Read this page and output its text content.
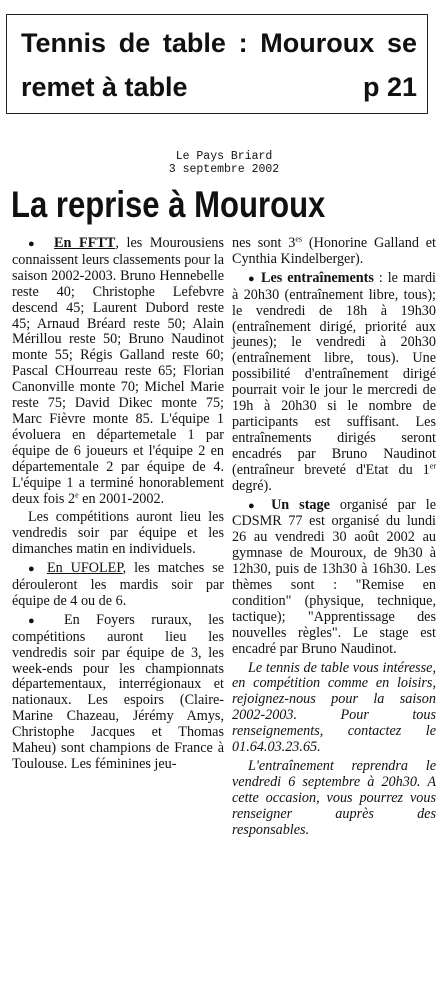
Tennis de table : Mouroux se
remet à table	p 21
Le Pays Briard
3 septembre 2002
La reprise à Mouroux

● En FFTT, les Mourousiens connaissent leurs classements pour la saison 2002-2003. Bruno Hennebelle reste 40; Christophe Lefebvre descend 45; Laurent Dubord reste 45; Arnaud Bréard reste 50; Alain Mérillou reste 50; Bruno Naudinot monte 55; Régis Galland reste 60; Pascal CHourreau reste 65; Florian Canonville monte 70; Michel Marie reste 75; David Dikec monte 75; Marc Fièvre monte 85. L'équipe 1 évoluera en départemetale 1 par équipe de 6 joueurs et l'équipe 2 en départementale 2 par équipe de 4. L'équipe 1 a terminé honorablement deux fois 2e en 2001-2002.

Les compétitions auront lieu les vendredis soir par équipe et les dimanches matin en individuels.

● En UFOLEP, les matches se dérouleront les mardis soir par équipe de 4 ou de 6.

● En Foyers ruraux, les compétitions auront lieu les vendredis soir par équipe de 3, les week-ends pour les championnats départementaux, interrégionaux et nationaux. Les espoirs (Claire-Marine Chazeau, Jérémy Amys, Christophe Jacques et Thomas Maheu) sont champions de France à Toulouse. Les féminines jeu-

nes sont $3^{es}$ (Honorine Galland et Cynthia Kindelberger).

● Les entraînements : le mardi à 20h30 (entraînement libre, tous); le vendredi de 18h à 19h30 (entraînement dirigé, priorité aux jeunes); le vendredi à 20h30 (entraînement libre, tous). Une possibilité d'entraînement dirigé pourrait voir le jour le mercredi de 19h à 20h30 si le nombre de participants est suffisant. Les entraînements dirigés seront encadrés par Bruno Naudinot (entraîneur breveté d'Etat du 1er degré).

● Un stage organisé par le CDSMR 77 est organisé du lundi 26 au vendredi 30 août 2002 au gymnase de Mouroux, de 9h30 à 12h30, puis de 13h30 à 16h30. Les thèmes sont : "Remise en condition" (physique, technique, tactique); "Apprentissage des nouvelles règles". Le stage est encadré par Bruno Naudinot.

Le tennis de table vous intéresse, en compétition comme en loisirs, rejoignez-nous pour la saison 2002-2003. Pour tous renseignements, contactez le 01.64.03.23.65.

L'entraînement reprendra le vendredi 6 septembre à 20h30. A cette occasion, vous pourrez vous renseigner auprès des responsables.
